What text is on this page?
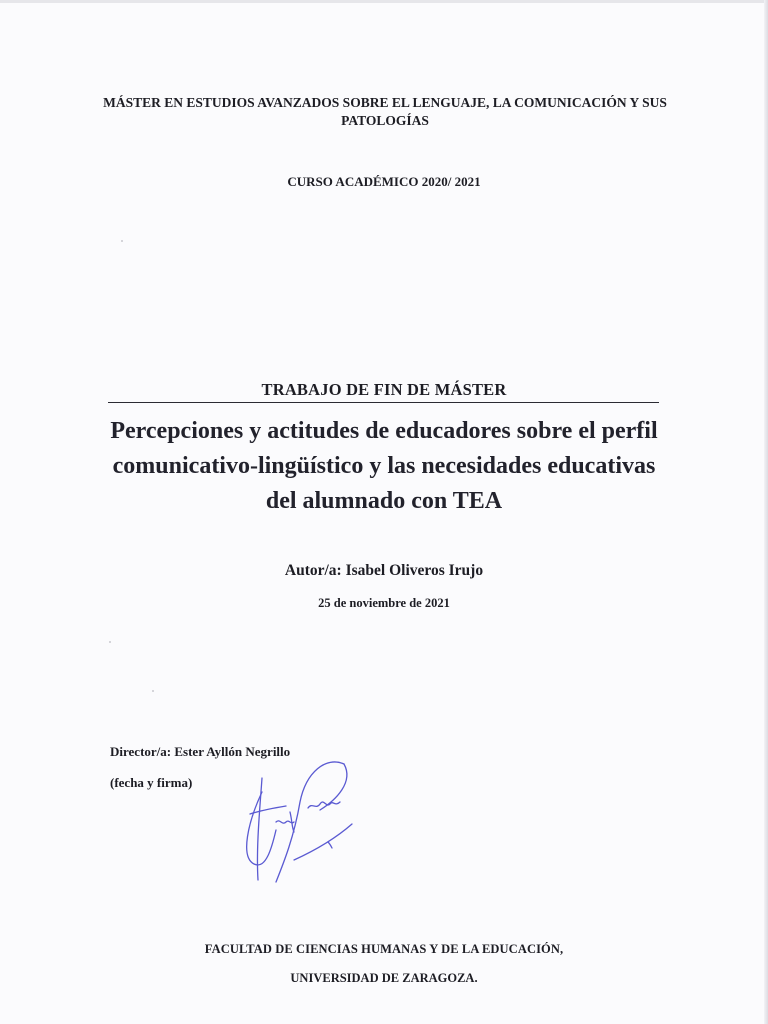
MÁSTER EN ESTUDIOS AVANZADOS SOBRE EL LENGUAJE, LA COMUNICACIÓN Y SUS PATOLOGÍAS
CURSO ACADÉMICO 2020/ 2021
TRABAJO DE FIN DE MÁSTER
Percepciones y actitudes de educadores sobre el perfil comunicativo-lingüístico y las necesidades educativas del alumnado con TEA
Autor/a: Isabel Oliveros Irujo
25 de noviembre de 2021
Director/a: Ester Ayllón Negrillo
(fecha y firma)
FACULTAD DE CIENCIAS HUMANAS Y DE LA EDUCACIÓN,
UNIVERSIDAD DE ZARAGOZA.
